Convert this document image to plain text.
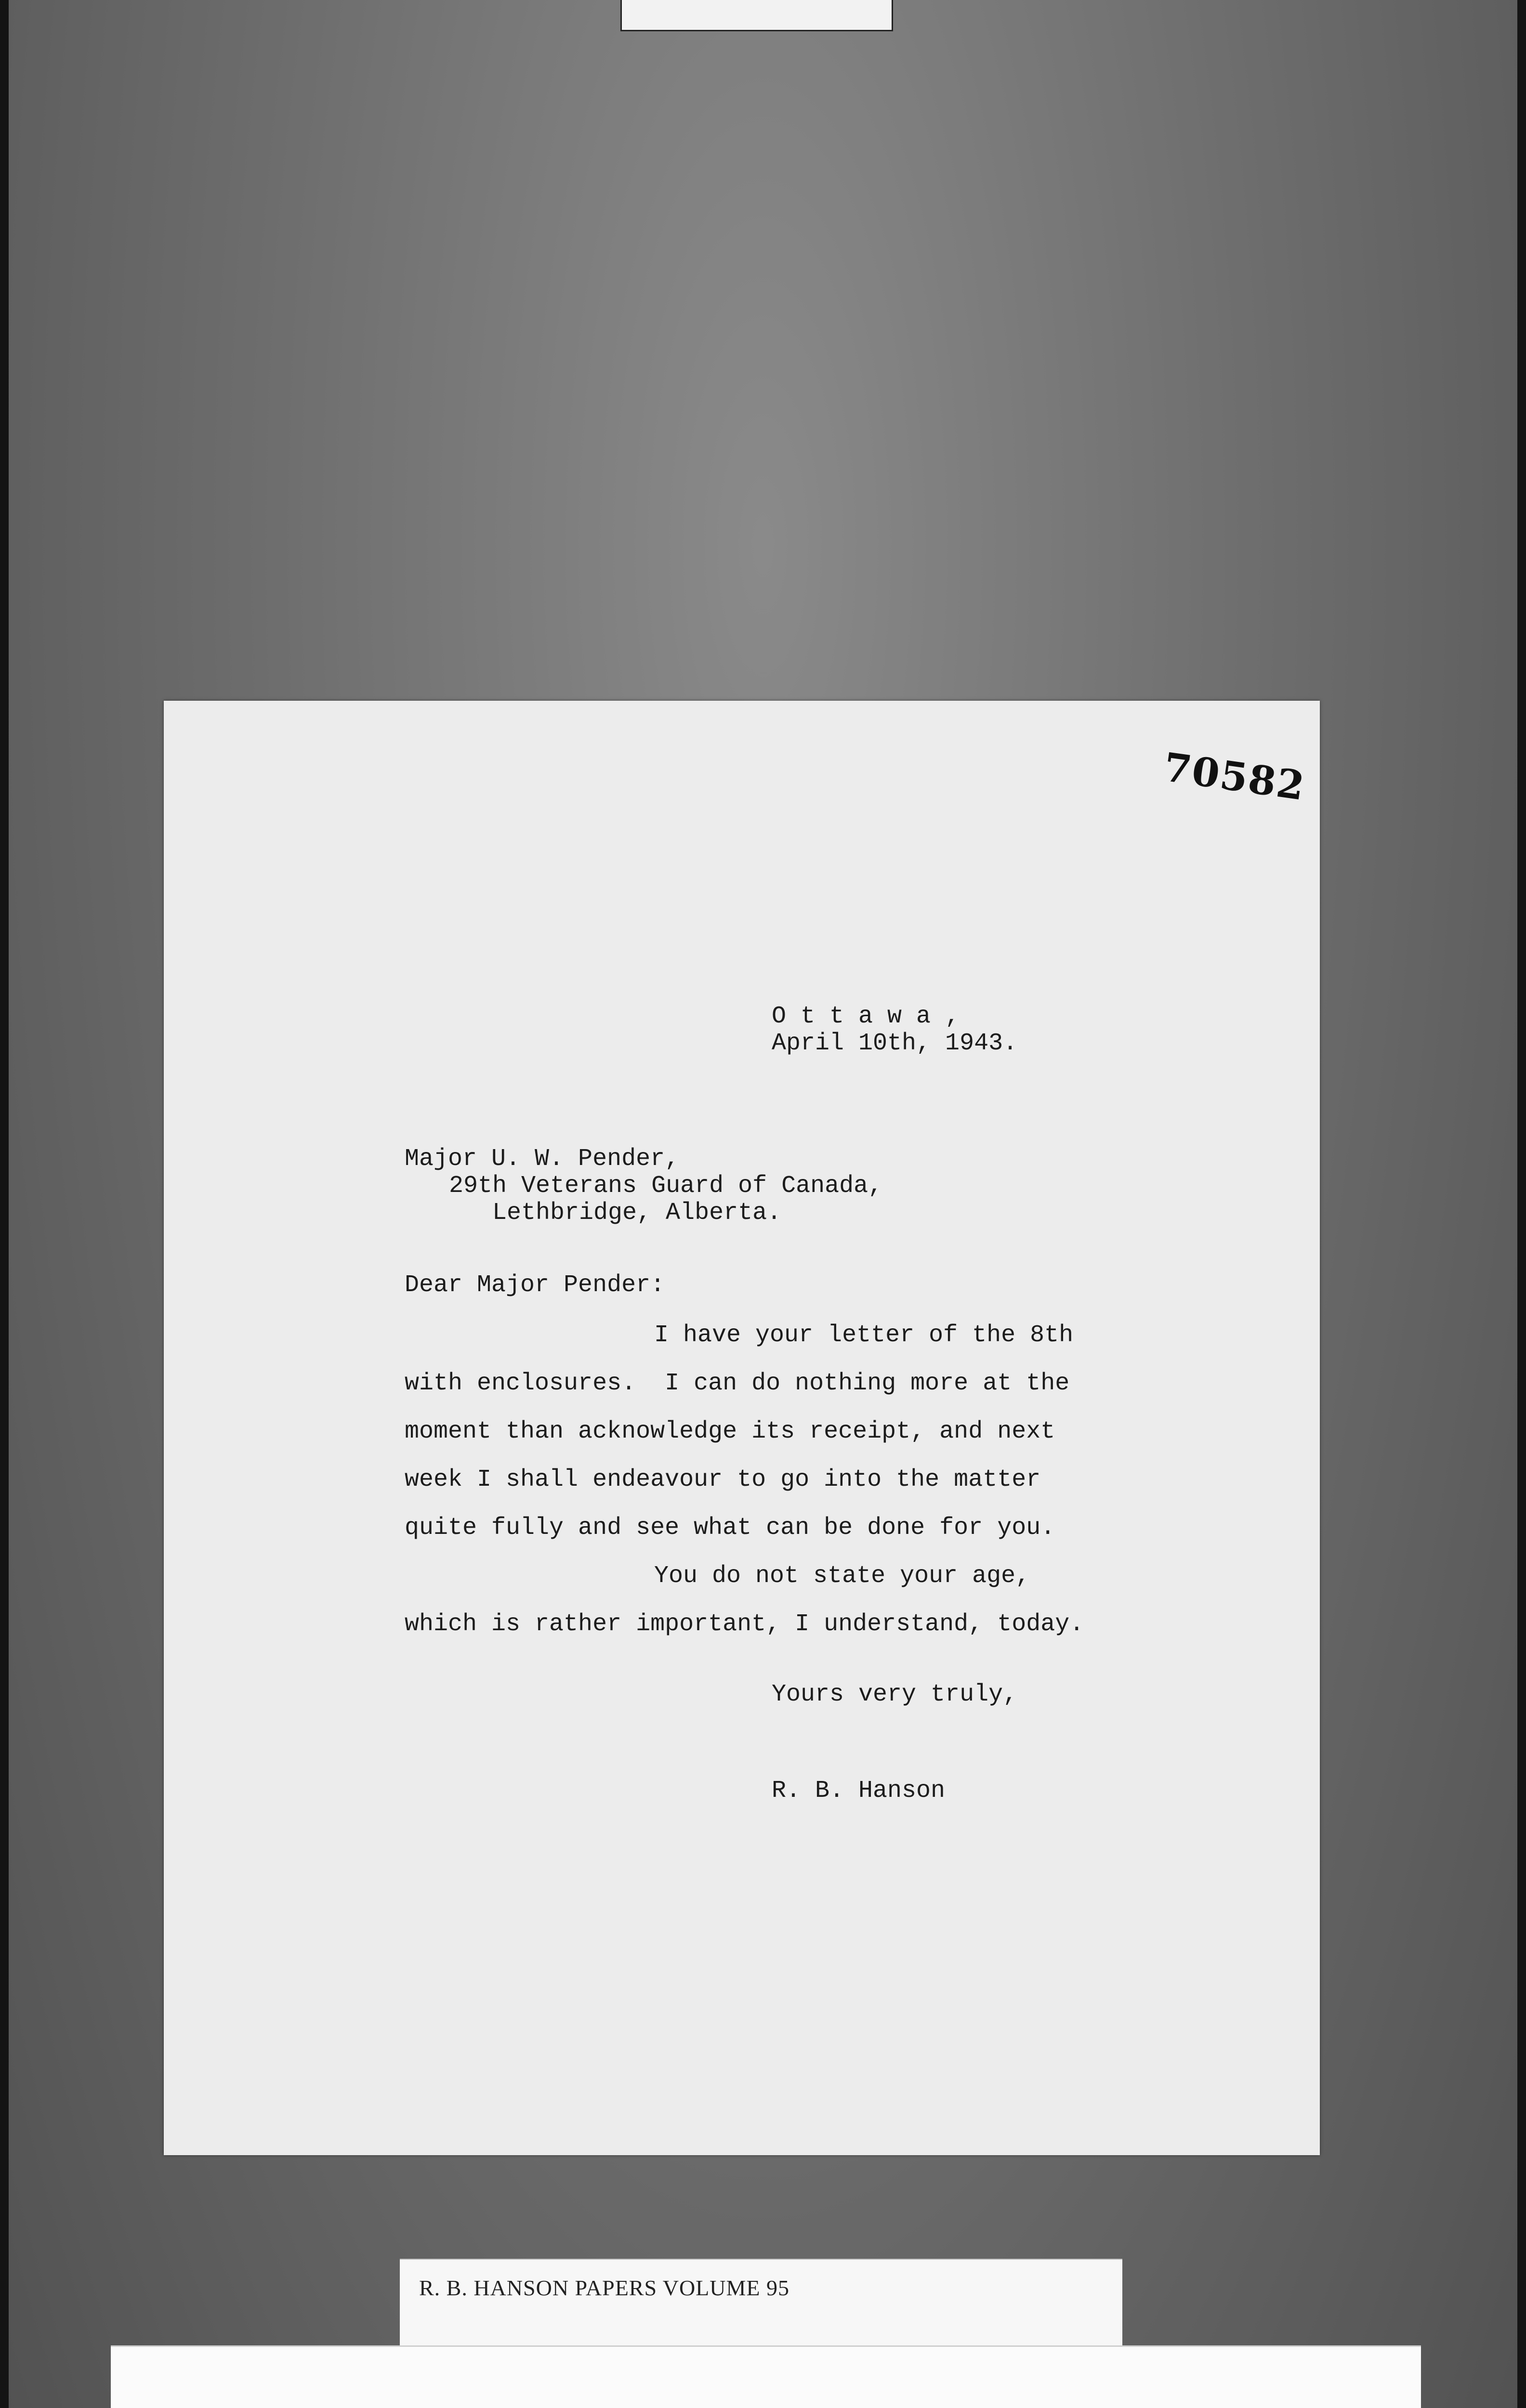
70582
O t t a w a ,
April 10th, 1943.
Major U. W. Pender,
29th Veterans Guard of Canada,
Lethbridge, Alberta.
Dear Major Pender:
I have your letter of the 8th
with enclosures.  I can do nothing more at the
moment than acknowledge its receipt, and next
week I shall endeavour to go into the matter
quite fully and see what can be done for you.
You do not state your age,
which is rather important, I understand, today.
Yours very truly,
R. B. Hanson
R. B. HANSON PAPERS VOLUME 95
